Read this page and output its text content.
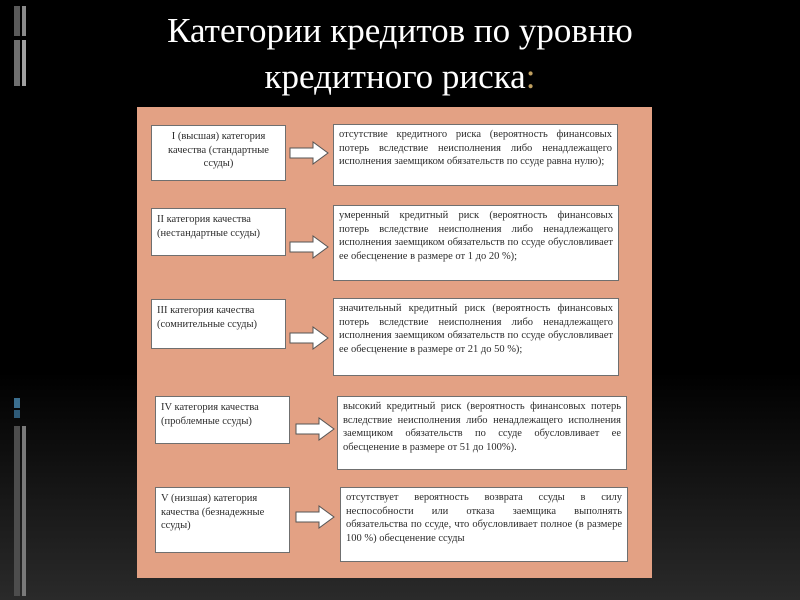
Категории кредитов по уровню
кредитного риска:
I (высшая) категория качества (стандартные ссуды)
отсутствие кредитного риска (вероятность финансовых потерь вследствие неисполнения либо ненадлежащего исполнения заемщиком обязательств по ссуде равна нулю);
II категория качества (нестандартные ссуды)
умеренный кредитный риск (вероятность финансовых потерь вследствие неисполнения либо ненадлежащего исполнения заемщиком обязательств по ссуде обусловливает ее обесценение в размере от 1 до 20 %);
III категория качества (сомнительные ссуды)
значительный кредитный риск (вероятность финансовых потерь вследствие неисполнения либо ненадлежащего исполнения заемщиком обязательств по ссуде обусловливает ее обесценение в размере от 21 до 50 %);
IV категория качества (проблемные ссуды)
высокий кредитный риск (вероятность финансовых потерь вследствие неисполнения либо ненадлежащего исполнения заемщиком обязательств по ссуде обусловливает ее обесценение в размере от 51 до 100%).
V (низшая) категория качества (безнадежные ссуды)
отсутствует вероятность возврата ссуды в силу неспособности или отказа заемщика выполнять обязательства по ссуде, что обусловливает полное (в размере 100 %) обесценение ссуды
